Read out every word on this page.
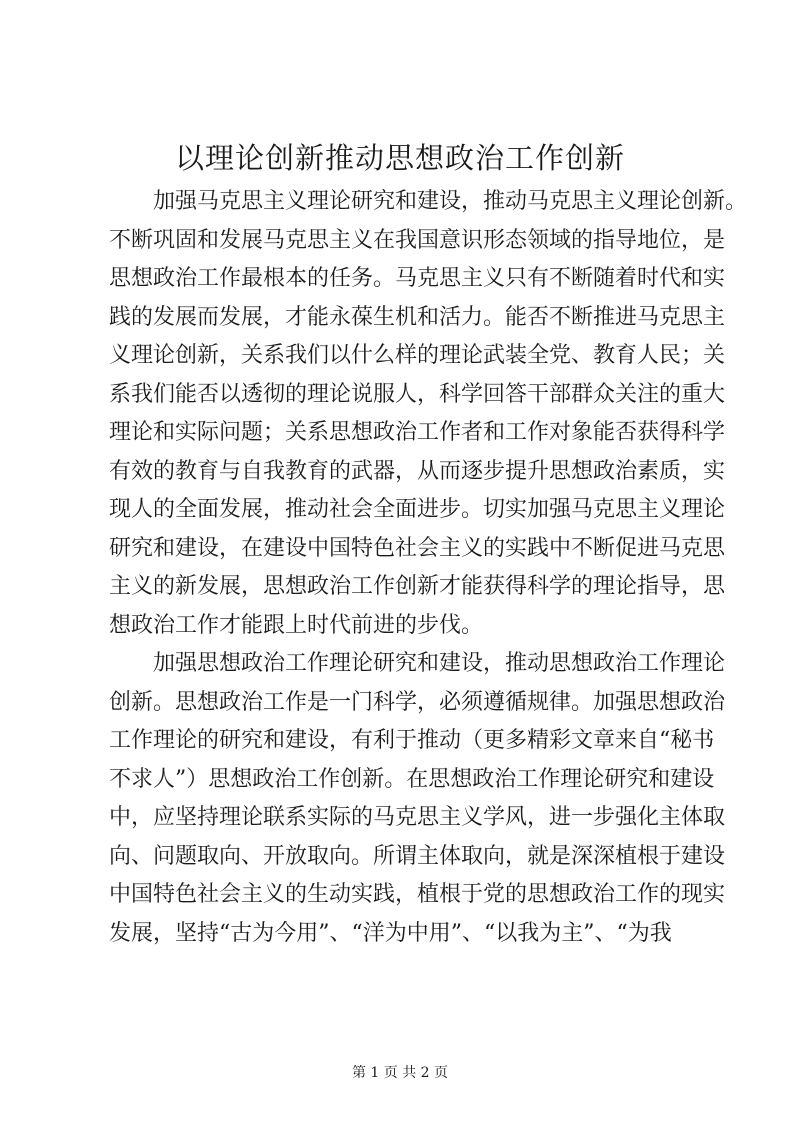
以理论创新推动思想政治工作创新
加强马克思主义理论研究和建设，推动马克思主义理论创新。
不断巩固和发展马克思主义在我国意识形态领域的指导地位，是
思想政治工作最根本的任务。马克思主义只有不断随着时代和实
践的发展而发展，才能永葆生机和活力。能否不断推进马克思主
义理论创新，关系我们以什么样的理论武装全党、教育人民；关
系我们能否以透彻的理论说服人，科学回答干部群众关注的重大
理论和实际问题；关系思想政治工作者和工作对象能否获得科学
有效的教育与自我教育的武器，从而逐步提升思想政治素质，实
现人的全面发展，推动社会全面进步。切实加强马克思主义理论
研究和建设，在建设中国特色社会主义的实践中不断促进马克思
主义的新发展，思想政治工作创新才能获得科学的理论指导，思
想政治工作才能跟上时代前进的步伐。
加强思想政治工作理论研究和建设，推动思想政治工作理论
创新。思想政治工作是一门科学，必须遵循规律。加强思想政治
工作理论的研究和建设，有利于推动（更多精彩文章来自“秘书
不求人”）思想政治工作创新。在思想政治工作理论研究和建设
中，应坚持理论联系实际的马克思主义学风，进一步强化主体取
向、问题取向、开放取向。所谓主体取向，就是深深植根于建设
中国特色社会主义的生动实践，植根于党的思想政治工作的现实
发展，坚持“古为今用”、“洋为中用”、“以我为主”、“为我
第 1 页 共 2 页
